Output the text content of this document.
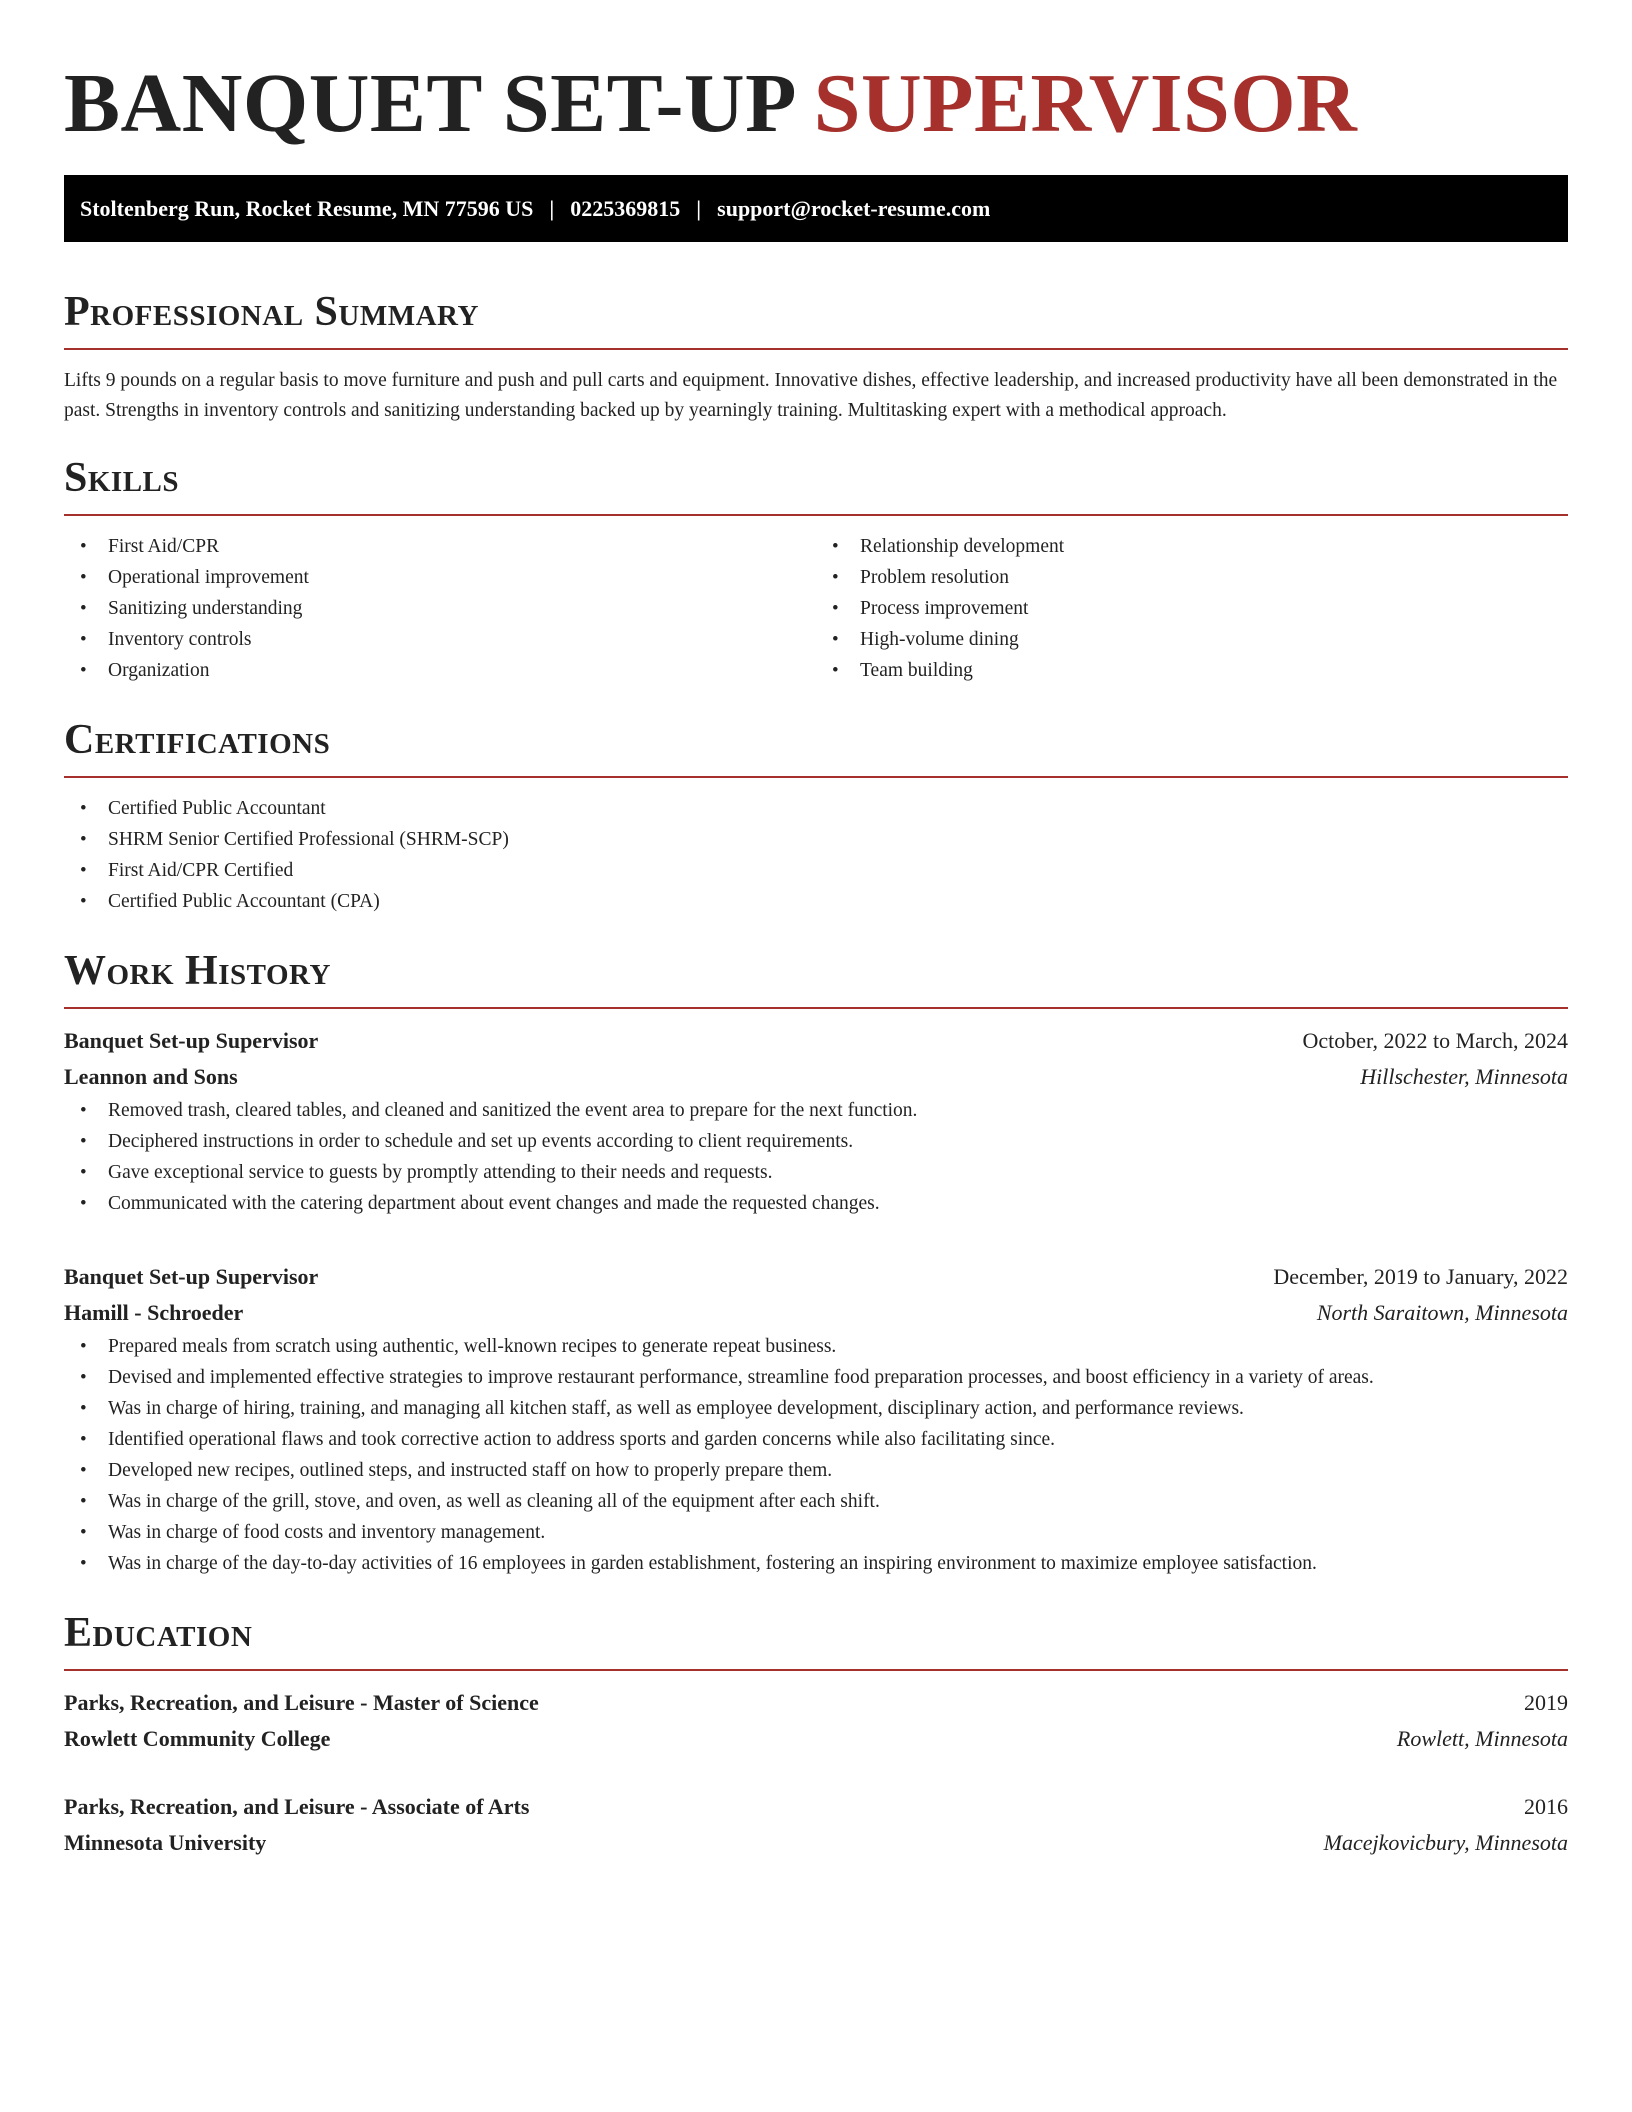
BANQUET SET-UP SUPERVISOR
Stoltenberg Run, Rocket Resume, MN 77596 US | 0225369815 | support@rocket-resume.com
Professional Summary

Lifts 9 pounds on a regular basis to move furniture and push and pull carts and equipment. Innovative dishes, effective leadership, and increased productivity have all been demonstrated in the past. Strengths in inventory controls and sanitizing understanding backed up by yearningly training. Multitasking expert with a methodical approach.

Skills
• First Aid/CPR
• Operational improvement
• Sanitizing understanding
• Inventory controls
• Organization
• Relationship development
• Problem resolution
• Process improvement
• High-volume dining
• Team building
Certifications
• Certified Public Accountant
• SHRM Senior Certified Professional (SHRM-SCP)
• First Aid/CPR Certified
• Certified Public Accountant (CPA)
Work History
Banquet Set-up Supervisor	October, 2022 to March, 2024
Leannon and Sons	Hillschester, Minnesota
• Removed trash, cleared tables, and cleaned and sanitized the event area to prepare for the next function.
• Deciphered instructions in order to schedule and set up events according to client requirements.
• Gave exceptional service to guests by promptly attending to their needs and requests.
• Communicated with the catering department about event changes and made the requested changes.
Banquet Set-up Supervisor	December, 2019 to January, 2022
Hamill - Schroeder	North Saraitown, Minnesota
• Prepared meals from scratch using authentic, well-known recipes to generate repeat business.
• Devised and implemented effective strategies to improve restaurant performance, streamline food preparation processes, and boost efficiency in a variety of areas.
• Was in charge of hiring, training, and managing all kitchen staff, as well as employee development, disciplinary action, and performance reviews.
• Identified operational flaws and took corrective action to address sports and garden concerns while also facilitating since.
• Developed new recipes, outlined steps, and instructed staff on how to properly prepare them.
• Was in charge of the grill, stove, and oven, as well as cleaning all of the equipment after each shift.
• Was in charge of food costs and inventory management.
• Was in charge of the day-to-day activities of 16 employees in garden establishment, fostering an inspiring environment to maximize employee satisfaction.
Education
Parks, Recreation, and Leisure - Master of Science	2019
Rowlett Community College	Rowlett, Minnesota
Parks, Recreation, and Leisure - Associate of Arts	2016
Minnesota University	Macejkovicbury, Minnesota
